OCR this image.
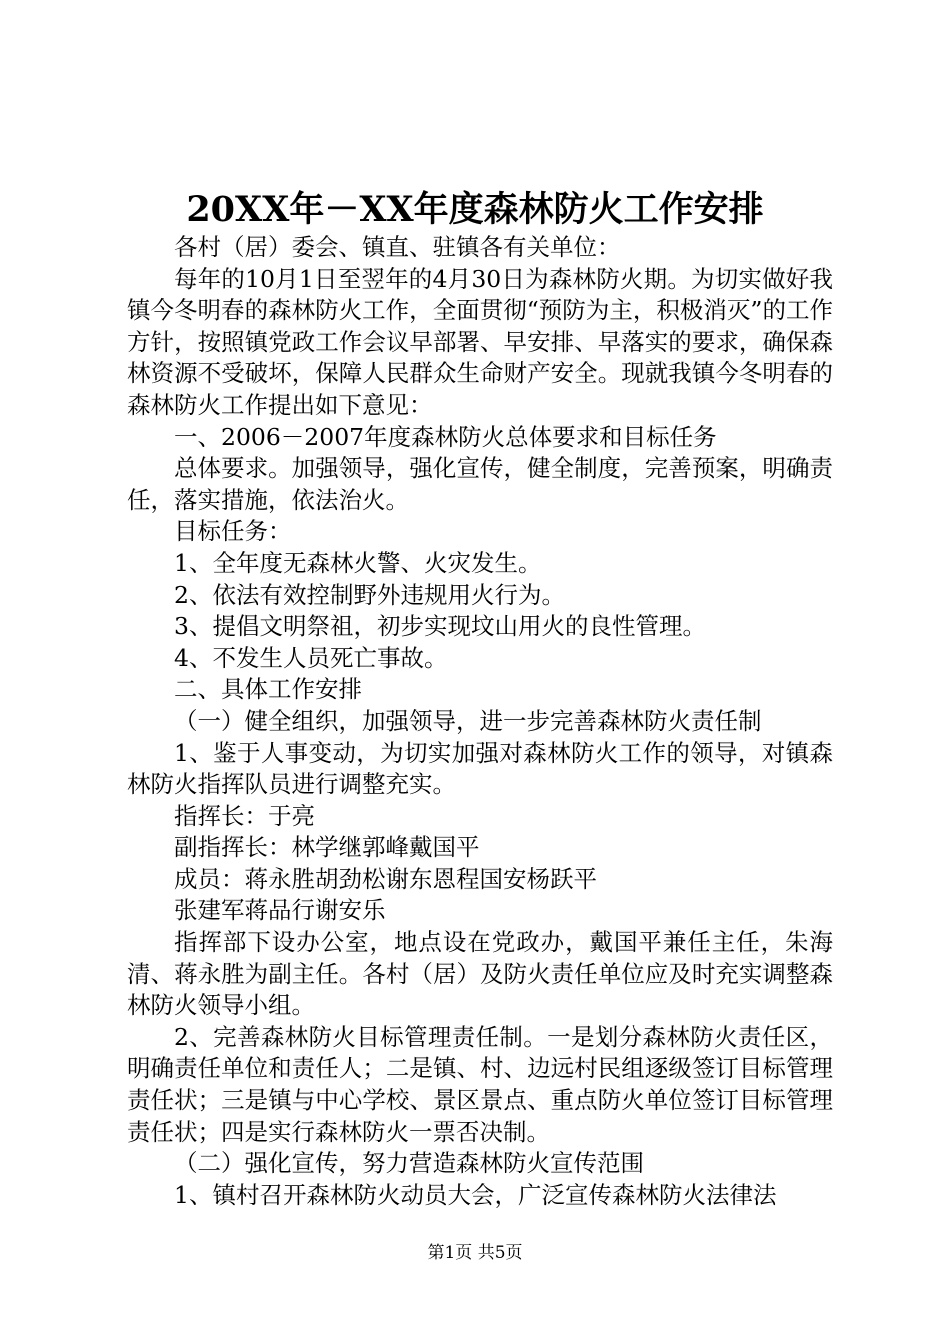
20XX年－XX年度森林防火工作安排

各村（居）委会、镇直、驻镇各有关单位：

每年的10月1日至翌年的4月30日为森林防火期。为切实做好我镇今冬明春的森林防火工作，全面贯彻“预防为主，积极消灭”的工作方针，按照镇党政工作会议早部署、早安排、早落实的要求，确保森林资源不受破坏，保障人民群众生命财产安全。现就我镇今冬明春的森林防火工作提出如下意见：

一、2006－2007年度森林防火总体要求和目标任务

总体要求。加强领导，强化宣传，健全制度，完善预案，明确责任，落实措施，依法治火。

目标任务：

1、全年度无森林火警、火灾发生。

2、依法有效控制野外违规用火行为。

3、提倡文明祭祖，初步实现坟山用火的良性管理。

4、不发生人员死亡事故。

二、具体工作安排

（一）健全组织，加强领导，进一步完善森林防火责任制

1、鉴于人事变动，为切实加强对森林防火工作的领导，对镇森林防火指挥队员进行调整充实。

指挥长：于亮

副指挥长：林学继郭峰戴国平

成员：蒋永胜胡劲松谢东恩程国安杨跃平

张建军蒋品行谢安乐

指挥部下设办公室，地点设在党政办，戴国平兼任主任，朱海清、蒋永胜为副主任。各村（居）及防火责任单位应及时充实调整森林防火领导小组。

2、完善森林防火目标管理责任制。一是划分森林防火责任区，明确责任单位和责任人；二是镇、村、边远村民组逐级签订目标管理责任状；三是镇与中心学校、景区景点、重点防火单位签订目标管理责任状；四是实行森林防火一票否决制。

（二）强化宣传，努力营造森林防火宣传范围

1、镇村召开森林防火动员大会，广泛宣传森林防火法律法

第1页 共5页
